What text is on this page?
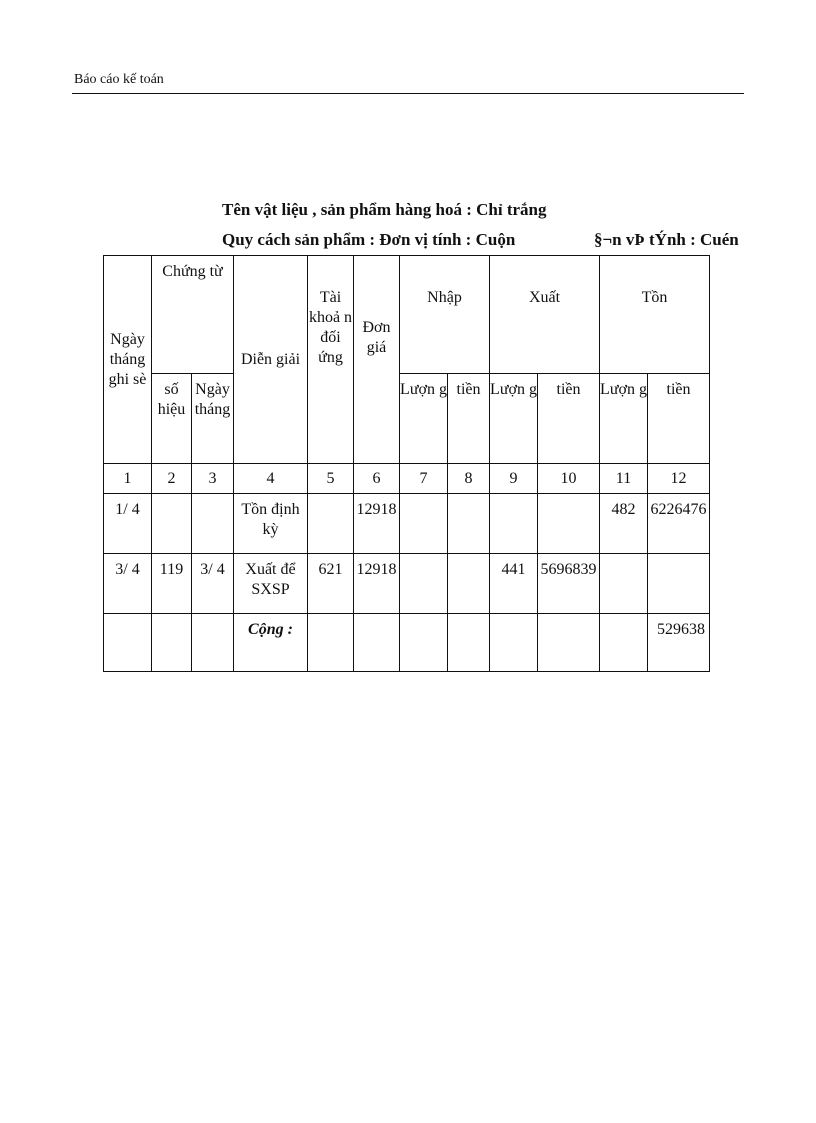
Báo cáo kế toán
Tên vật liệu , sản phẩm hàng hoá : Chỉ trắng
Quy cách sản phẩm : Đơn vị tính : Cuộn	§¬n vÞ tÝnh : Cuén
Ngày tháng ghi sè	Chứng từ		Diễn giải	Tài khoả n đối ứng	Đơn giá	Nhập		Xuất		Tồn	
	số hiệu	Ngày tháng				Lượn g	tiền	Lượn g	tiền	Lượn g	tiền
1	2	3	4	5	6	7	8	9	10	11	12
1/ 4			Tồn định kỳ		12918					482	6226476
3/ 4	119	3/ 4	Xuất để SXSP	621	12918			441	5696839		
			Cộng :								529638
